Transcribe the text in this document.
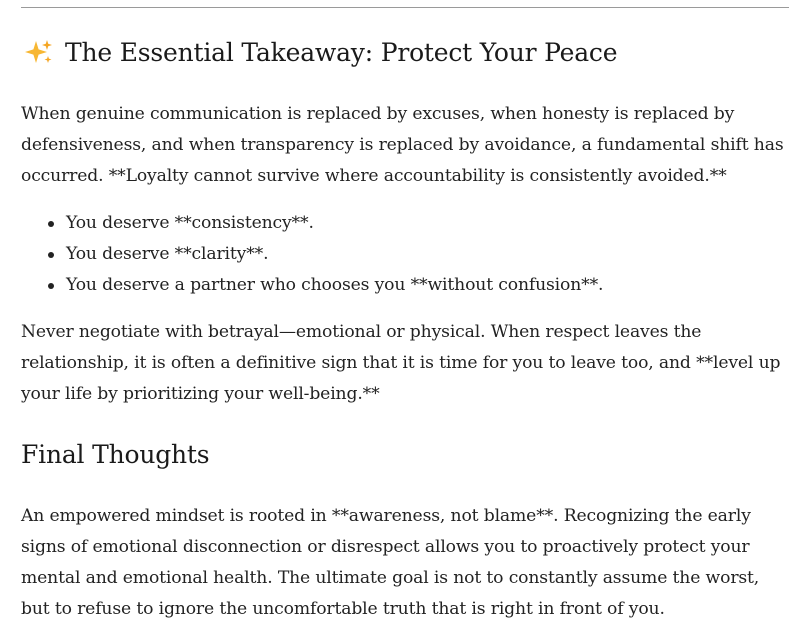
The Essential Takeaway: Protect Your Peace

When genuine communication is replaced by excuses, when honesty is replaced by defensiveness, and when transparency is replaced by avoidance, a fundamental shift has occurred. **Loyalty cannot survive where accountability is consistently avoided.**

You deserve **consistency**.
You deserve **clarity**.
You deserve a partner who chooses you **without confusion**.

Never negotiate with betrayal—emotional or physical. When respect leaves the relationship, it is often a definitive sign that it is time for you to leave too, and **level up your life by prioritizing your well-being.**

Final Thoughts

An empowered mindset is rooted in **awareness, not blame**. Recognizing the early signs of emotional disconnection or disrespect allows you to proactively protect your mental and emotional health. The ultimate goal is not to constantly assume the worst, but to refuse to ignore the uncomfortable truth that is right in front of you.
